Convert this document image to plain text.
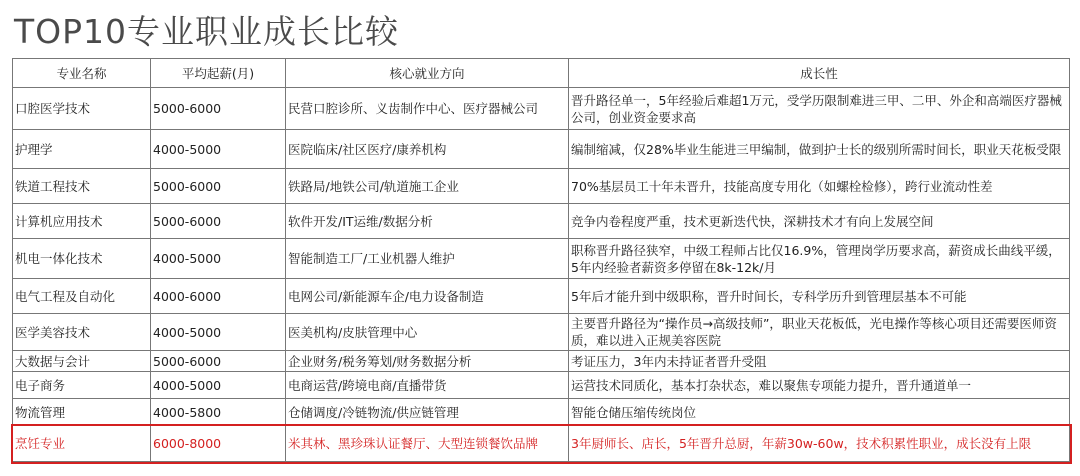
TOP10专业职业成长比较
专业名称	平均起薪(月)	核心就业方向	成长性
口腔医学技术	5000-6000	民营口腔诊所、义齿制作中心、医疗器械公司	晋升路径单一，5年经验后难超1万元，受学历限制难进三甲、二甲、外企和高端医疗器械公司，创业资金要求高
护理学	4000-5000	医院临床/社区医疗/康养机构	编制缩减，仅28%毕业生能进三甲编制，做到护士长的级别所需时间长，职业天花板受限
铁道工程技术	5000-6000	铁路局/地铁公司/轨道施工企业	70%基层员工十年未晋升，技能高度专用化（如螺栓检修），跨行业流动性差
计算机应用技术	5000-6000	软件开发/IT运维/数据分析	竞争内卷程度严重，技术更新迭代快，深耕技术才有向上发展空间
机电一体化技术	4000-5000	智能制造工厂/工业机器人维护	职称晋升路径狭窄，中级工程师占比仅16.9%，管理岗学历要求高，薪资成长曲线平缓，5年内经验者薪资多停留在8k-12k/月
电气工程及自动化	4000-6000	电网公司/新能源车企/电力设备制造	5年后才能升到中级职称，晋升时间长，专科学历升到管理层基本不可能
医学美容技术	4000-5000	医美机构/皮肤管理中心	主要晋升路径为“操作员→高级技师”，职业天花板低，光电操作等核心项目还需要医师资质，难以进入正规美容医院
大数据与会计	5000-6000	企业财务/税务筹划/财务数据分析	考证压力，3年内未持证者晋升受阻
电子商务	4000-5000	电商运营/跨境电商/直播带货	运营技术同质化，基本打杂状态，难以聚焦专项能力提升，晋升通道单一
物流管理	4000-5800	仓储调度/冷链物流/供应链管理	智能仓储压缩传统岗位
烹饪专业	6000-8000	米其林、黑珍珠认证餐厅、大型连锁餐饮品牌	3年厨师长、店长，5年晋升总厨，年薪30w-60w，技术积累性职业，成长没有上限
